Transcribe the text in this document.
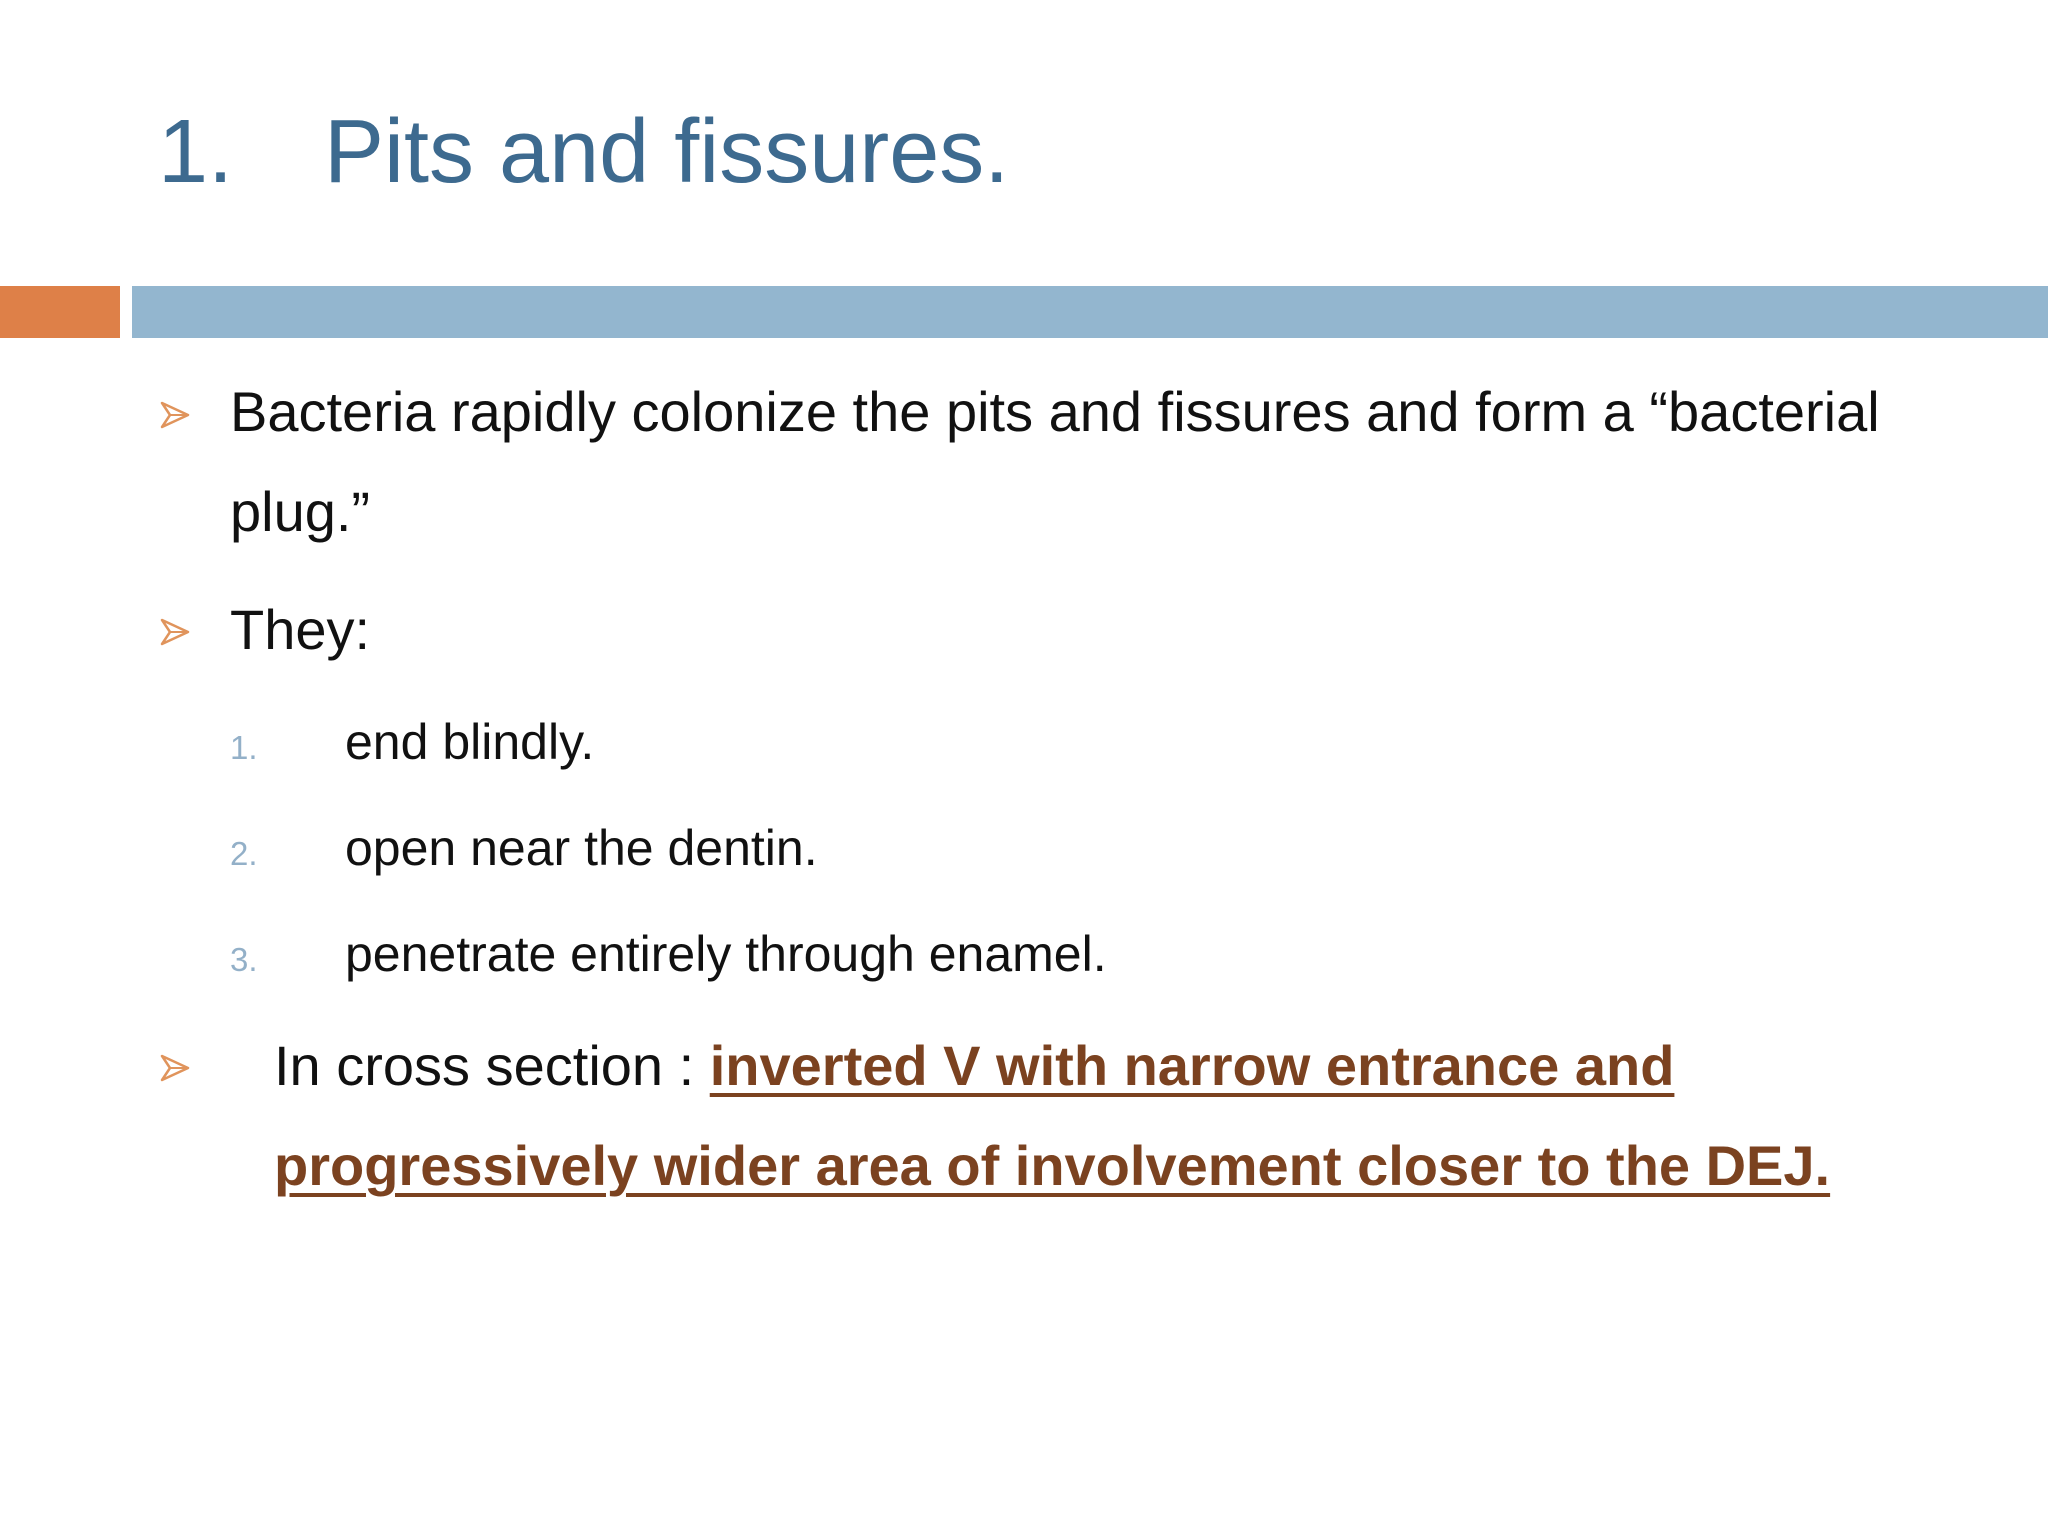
1.	Pits and fissures.
Bacteria rapidly colonize the pits and fissures and form a “bacterial
plug.”
They:
1. end blindly.
2. open near the dentin.
3. penetrate entirely through enamel.
In cross section : inverted V with narrow entrance and
progressively wider area of involvement closer to the DEJ.
